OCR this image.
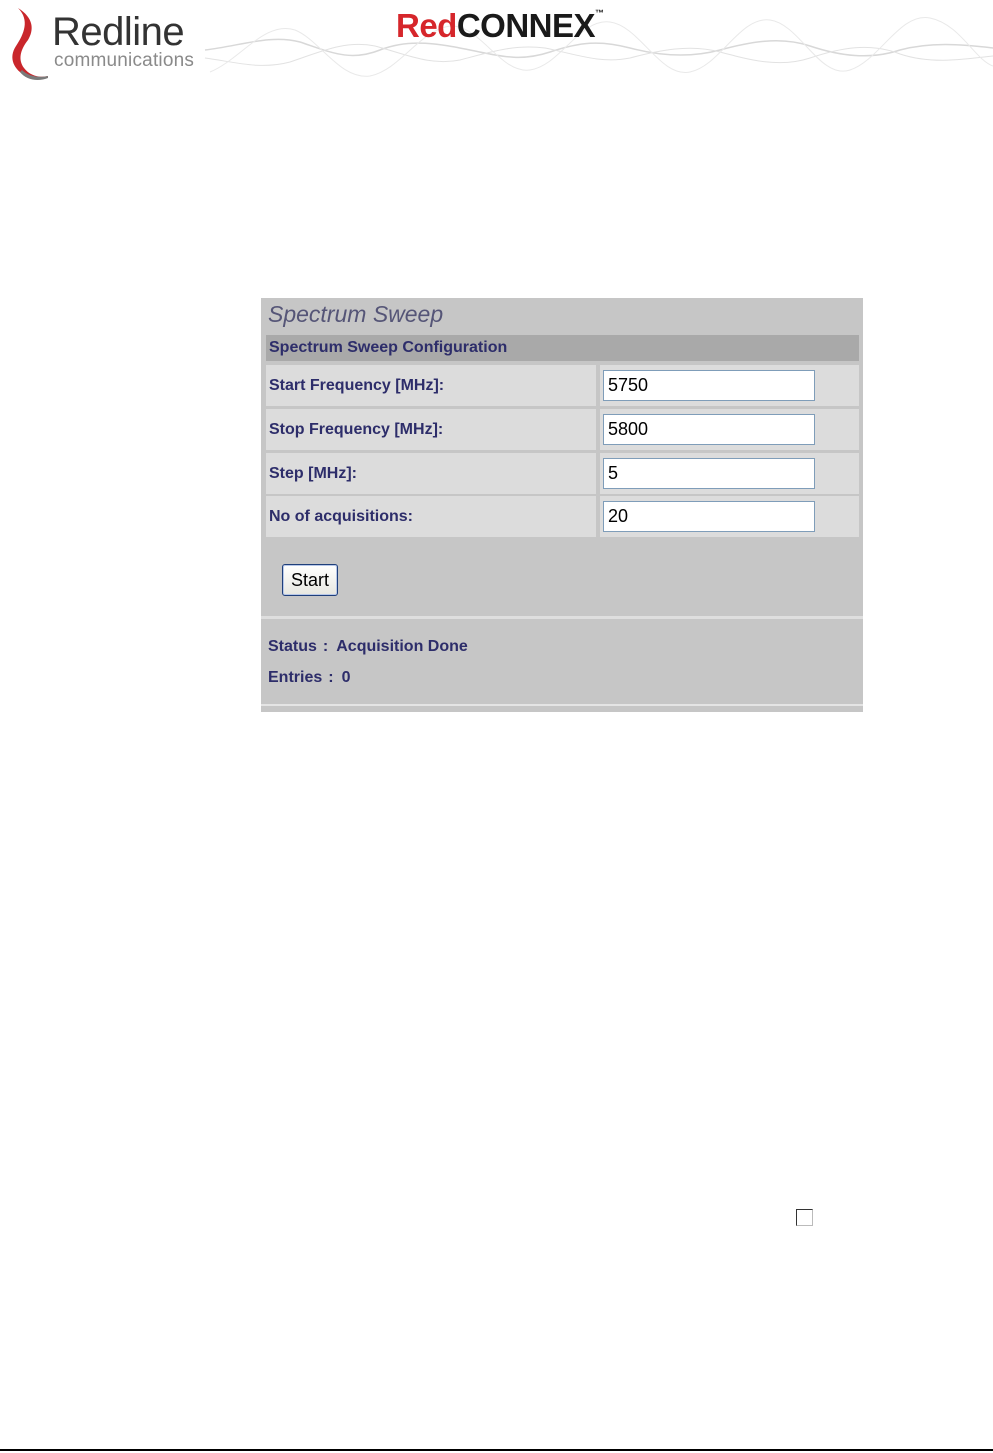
Redline
communications
RedCONNEX™
Spectrum Sweep
Spectrum Sweep Configuration
Start Frequency [MHz]:
5750
Stop Frequency [MHz]:
5800
Step [MHz]:
5
No of acquisitions:
20
Start
Status : Acquisition Done
Entries : 0
